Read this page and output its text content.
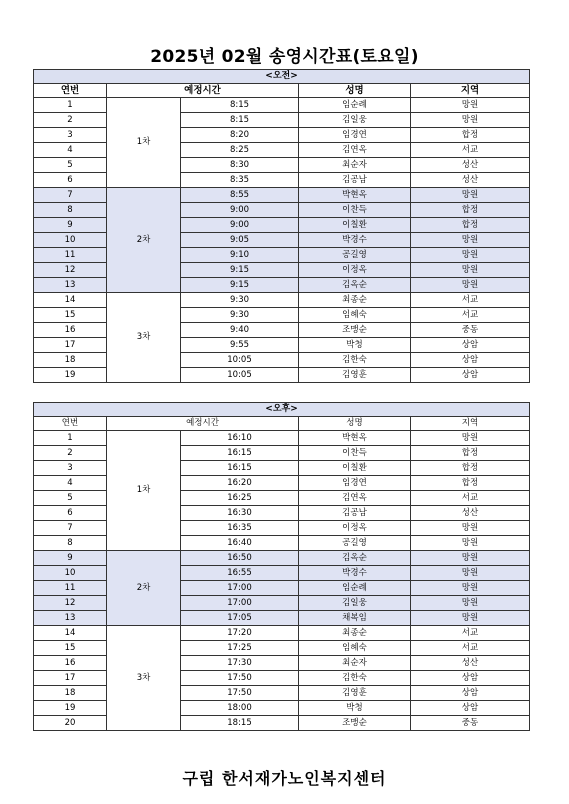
2025년 02월 송영시간표(토요일)
<오전>				
연번	예정시간		성명	지역
1	1차	8:15	임순례	망원
2		8:15	김일웅	망원
3		8:20	임경연	합정
4		8:25	김연옥	서교
5		8:30	최순자	성산
6		8:35	김공남	성산
7	2차	8:55	박현옥	망원
8		9:00	이찬득	합정
9		9:00	이칠환	합정
10		9:05	박경수	망원
11		9:10	공길영	망원
12		9:15	이정옥	망원
13		9:15	김옥순	망원
14	3차	9:30	최종순	서교
15		9:30	임혜숙	서교
16		9:40	조맹순	중동
17		9:55	박청	상암
18		10:05	김한숙	상암
19		10:05	김영훈	상암
<오후>				
연번	예정시간		성명	지역
1	1차	16:10	박현옥	망원
2		16:15	이찬득	합정
3		16:15	이칠환	합정
4		16:20	임경연	합정
5		16:25	김연옥	서교
6		16:30	김공남	성산
7		16:35	이정옥	망원
8		16:40	공길영	망원
9	2차	16:50	김옥순	망원
10		16:55	박경수	망원
11		17:00	임순례	망원
12		17:00	김일웅	망원
13		17:05	채복임	망원
14	3차	17:20	최종순	서교
15		17:25	임혜숙	서교
16		17:30	최순자	성산
17		17:50	김한숙	상암
18		17:50	김영훈	상암
19		18:00	박청	상암
20		18:15	조맹순	중동
구립 한서재가노인복지센터
